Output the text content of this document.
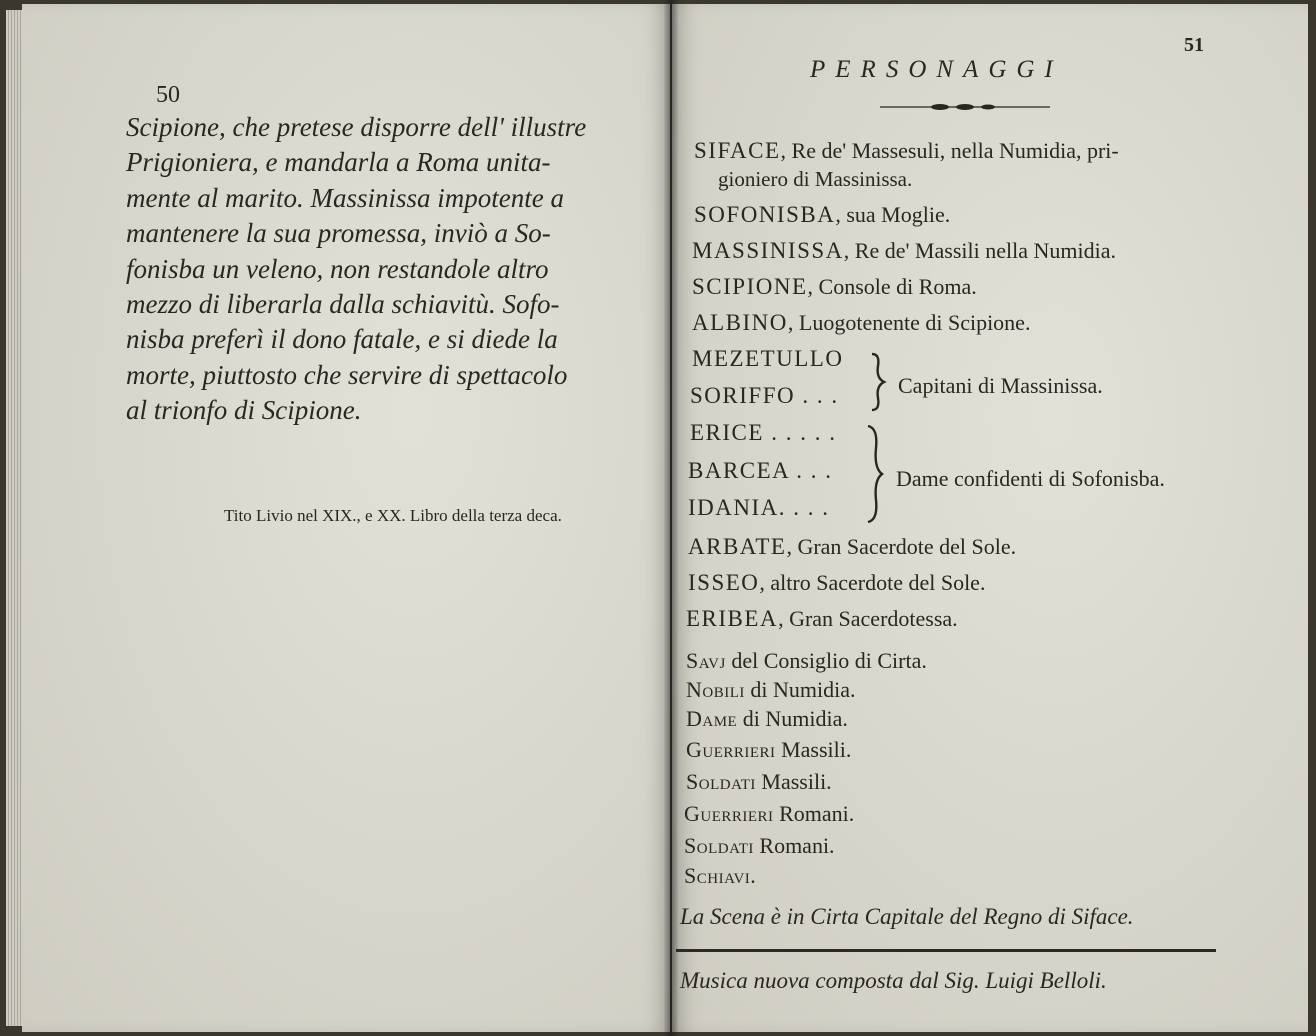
50
Scipione, che pretese disporre dell' illustre
Prigioniera, e mandarla a Roma unita-
mente al marito. Massinissa impotente a
mantenere la sua promessa, inviò a So-
fonisba un veleno, non restandole altro
mezzo di liberarla dalla schiavitù. Sofo-
nisba preferì il dono fatale, e si diede la
morte, piuttosto che servire di spettacolo
al trionfo di Scipione.
Tito Livio nel XIX., e XX. Libro della terza deca.
51
PERSONAGGI
SIFACE, Re de' Massesuli, nella Numidia, pri-
gioniero di Massinissa.
SOFONISBA, sua Moglie.
MASSINISSA, Re de' Massili nella Numidia.
SCIPIONE, Console di Roma.
ALBINO, Luogotenente di Scipione.
MEZETULLO
SORIFFO . . .	Capitani di Massinissa.
ERICE . . . . .
BARCEA . . .
IDANIA. . . .
Dame confidenti di Sofonisba.
ARBATE, Gran Sacerdote del Sole.
ISSEO, altro Sacerdote del Sole.
ERIBEA, Gran Sacerdotessa.
Savj del Consiglio di Cirta.
Nobili di Numidia.
Dame di Numidia.
Guerrieri Massili.
Soldati Massili.
Guerrieri Romani.
Soldati Romani.
Schiavi.
La Scena è in Cirta Capitale del Regno di Siface.
Musica nuova composta dal Sig. Luigi Belloli.
